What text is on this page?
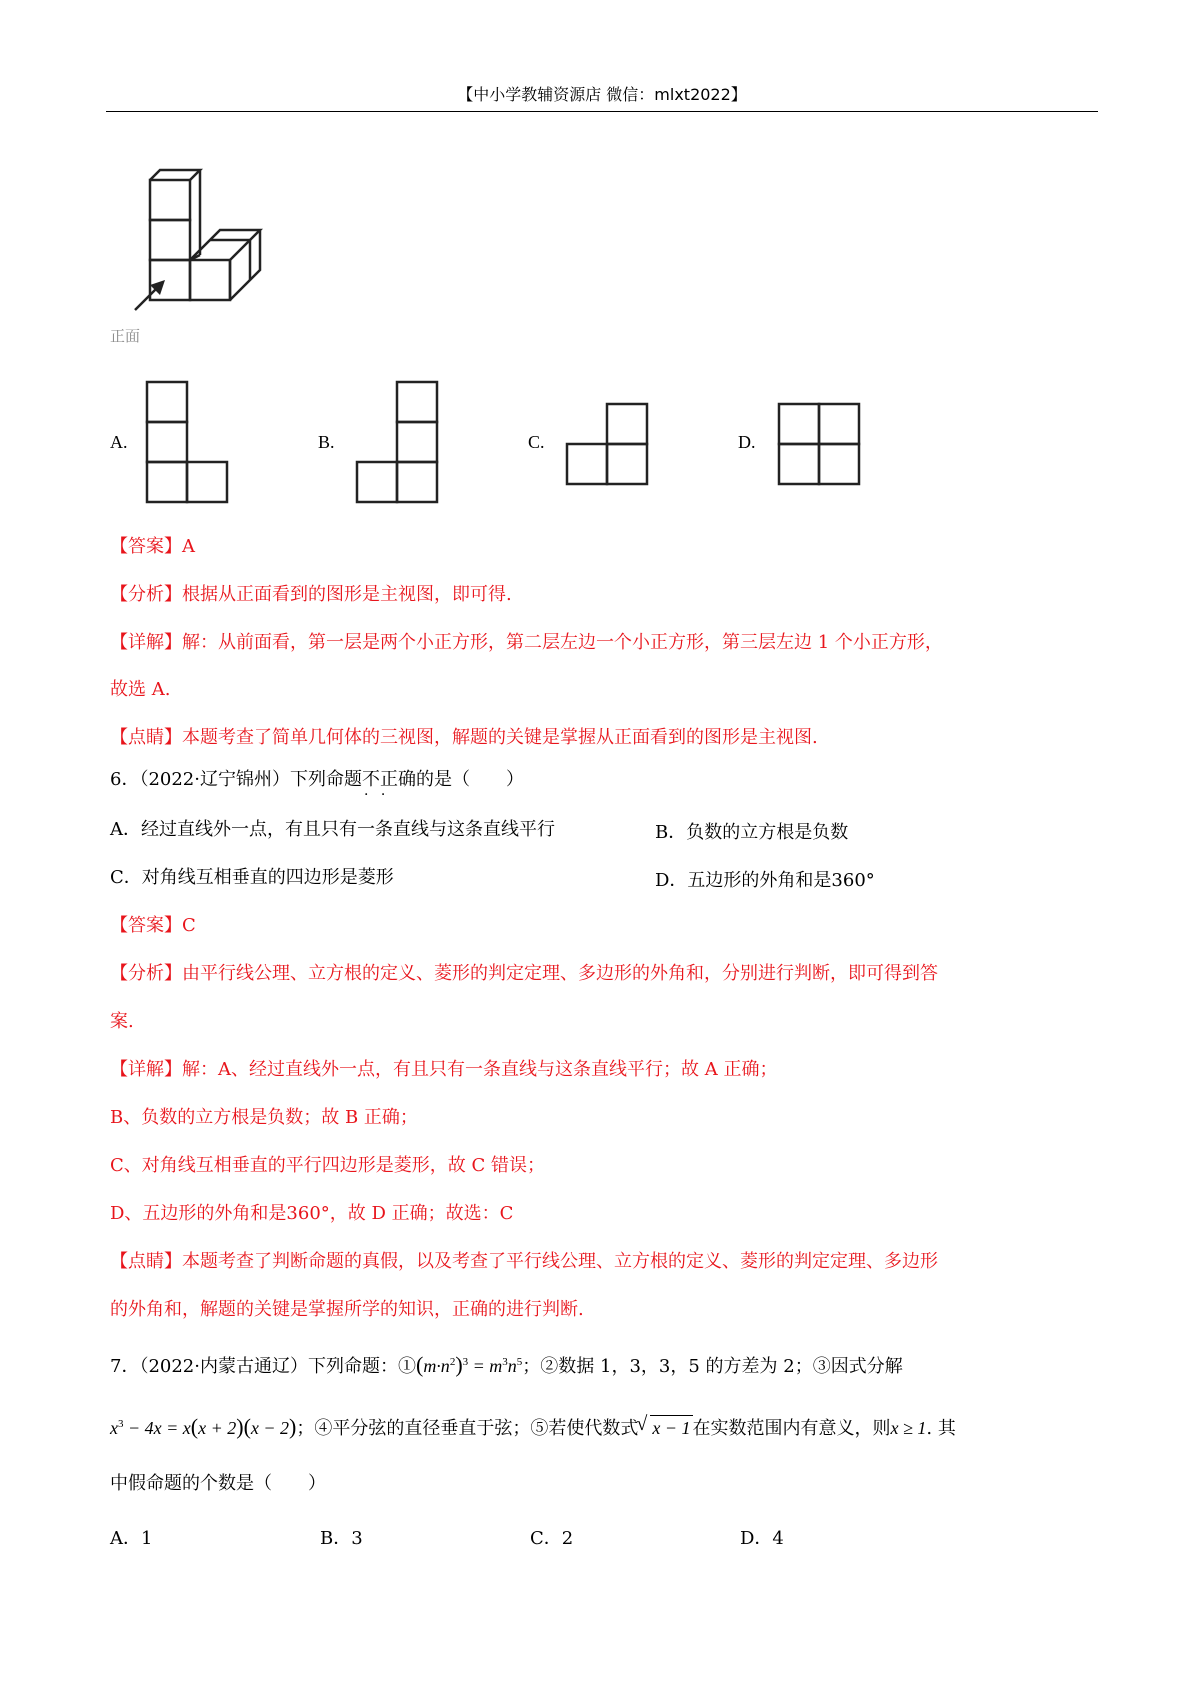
【中小学教辅资源店 微信：mlxt2022】
正面
A.	B.	C.	D.
【答案】A
【分析】根据从正面看到的图形是主视图，即可得.
【详解】解：从前面看，第一层是两个小正方形，第二层左边一个小正方形，第三层左边 1 个小正方形，
故选 A.
【点睛】本题考查了简单几何体的三视图，解题的关键是掌握从正面看到的图形是主视图.
6．（2022·辽宁锦州）下列命题不正确 · ·的是（　　）
A．经过直线外一点，有且只有一条直线与这条直线平行	B．负数的立方根是负数
C．对角线互相垂直的四边形是菱形	D．五边形的外角和是360°
【答案】C
【分析】由平行线公理、立方根的定义、菱形的判定定理、多边形的外角和，分别进行判断，即可得到答
案.
【详解】解：A、经过直线外一点，有且只有一条直线与这条直线平行；故 A 正确；
B、负数的立方根是负数；故 B 正确；
C、对角线互相垂直的平行四边形是菱形，故 C 错误；
D、五边形的外角和是360°，故 D 正确；故选：C
【点睛】本题考查了判断命题的真假，以及考查了平行线公理、立方根的定义、菱形的判定定理、多边形
的外角和，解题的关键是掌握所学的知识，正确的进行判断.
7．（2022·内蒙古通辽）下列命题：$①(m\cdot n^2)^3 = m^3n^5$；②数据 1，3，3，5 的方差为 2；③因式分解
$x^3 - 4x = x(x + 2)(x - 2)$；④平分弦的直径垂直于弦；⑤若使代数式√ x − 1 在实数范围内有意义，则x ≥ 1. 其
中假命题的个数是（　　）
A．1	B．3	C．2	D．4
